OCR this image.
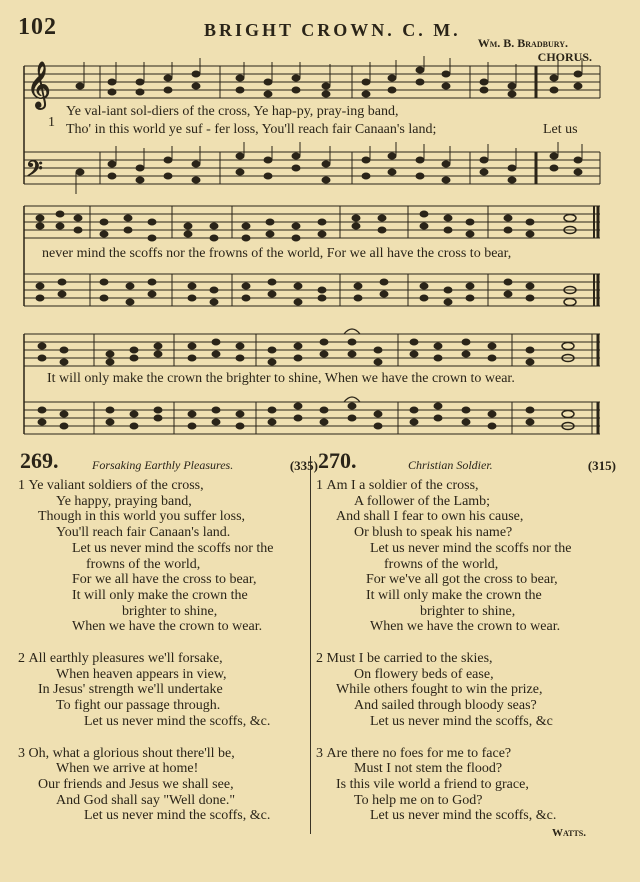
102	BRIGHT CROWN. C. M.
Wm. B. Bradbury.
CHORUS.
𝄞
𝄢
1
Ye val-iant sol-diers of the cross, Ye hap-py, pray-ing band,
Tho' in this world ye suf - fer loss, You'll reach fair Canaan's land;	Let us
never mind the scoffs nor the frowns of the world, For we all have the cross to bear,
It will only make the crown the brighter to shine, When we have the crown to wear.
269.	Forsaking Earthly Pleasures.	(335)
1 Ye valiant soldiers of the cross,
Ye happy, praying band,
Though in this world you suffer loss,
You'll reach fair Canaan's land.
Let us never mind the scoffs nor the
frowns of the world,
For we all have the cross to bear,
It will only make the crown the
brighter to shine,
When we have the crown to wear.
2 All earthly pleasures we'll forsake,
When heaven appears in view,
In Jesus' strength we'll undertake
To fight our passage through.
Let us never mind the scoffs, &c.
3 Oh, what a glorious shout there'll be,
When we arrive at home!
Our friends and Jesus we shall see,
And God shall say "Well done."
Let us never mind the scoffs, &c.
270.	Christian Soldier.	(315)
1 Am I a soldier of the cross,
A follower of the Lamb;
And shall I fear to own his cause,
Or blush to speak his name?
Let us never mind the scoffs nor the
frowns of the world,
For we've all got the cross to bear,
It will only make the crown the
brighter to shine,
When we have the crown to wear.
2 Must I be carried to the skies,
On flowery beds of ease,
While others fought to win the prize,
And sailed through bloody seas?
Let us never mind the scoffs, &c
3 Are there no foes for me to face?
Must I not stem the flood?
Is this vile world a friend to grace,
To help me on to God?
Let us never mind the scoffs, &c.
Watts.
